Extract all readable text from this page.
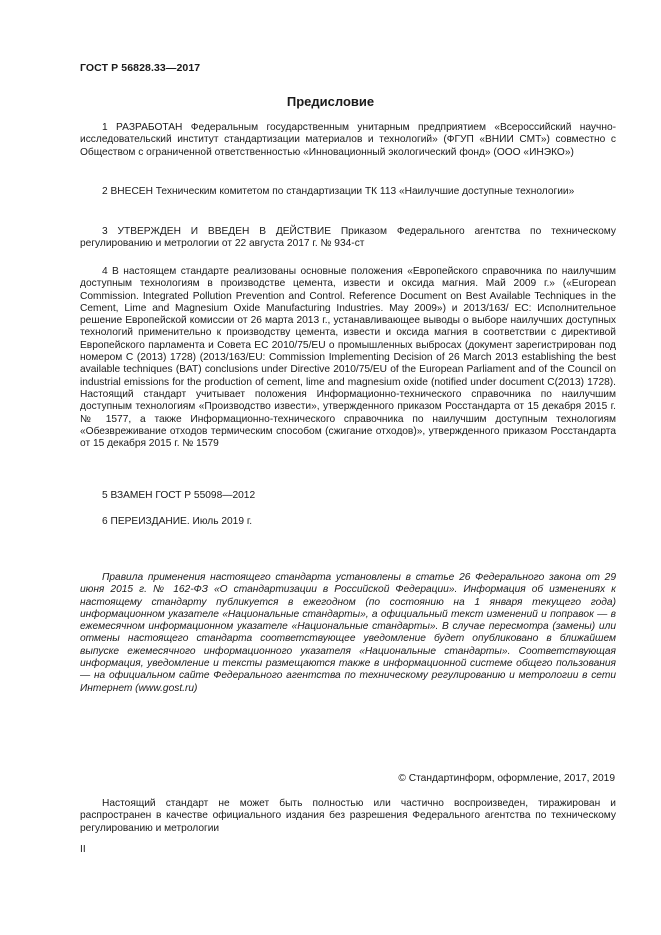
ГОСТ Р 56828.33—2017
Предисловие

1 РАЗРАБОТАН Федеральным государственным унитарным предприятием «Всероссийский научно-исследовательский институт стандартизации материалов и технологий» (ФГУП «ВНИИ СМТ») совместно с Обществом с ограниченной ответственностью «Инновационный экологический фонд» (ООО «ИНЭКО»)

2 ВНЕСЕН Техническим комитетом по стандартизации ТК 113 «Наилучшие доступные технологии»

3 УТВЕРЖДЕН И ВВЕДЕН В ДЕЙСТВИЕ Приказом Федерального агентства по техническому регулированию и метрологии от 22 августа 2017 г. № 934-ст

4 В настоящем стандарте реализованы основные положения «Европейского справочника по наилучшим доступным технологиям в производстве цемента, извести и оксида магния. Май 2009 г.» («European Commission. Integrated Pollution Prevention and Control. Reference Document on Best Available Techniques in the Cement, Lime and Magnesium Oxide Manufacturing Industries. May 2009») и 2013/163/ ЕС: Исполнительное решение Европейской комиссии от 26 марта 2013 г., устанавливающее выводы о выборе наилучших доступных технологий применительно к производству цемента, извести и оксида магния в соответствии с директивой Европейского парламента и Совета ЕС 2010/75/EU о промышленных выбросах (документ зарегистрирован под номером С (2013) 1728) (2013/163/EU: Commission Implementing Decision of 26 March 2013 establishing the best available techniques (BAT) conclusions under Directive 2010/75/EU of the European Parliament and of the Council on industrial emissions for the production of cement, lime and magnesium oxide (notified under document C(2013) 1728). Настоящий стандарт учитывает положения Информационно-технического справочника по наилучшим доступным технологиям «Производство извести», утвержденного приказом Росстандарта от 15 декабря 2015 г. № 1577, а также Информационно-технического справочника по наилучшим доступным технологиям «Обезвреживание отходов термическим способом (сжигание отходов)», утвержденного приказом Росстандарта от 15 декабря 2015 г. № 1579

5 ВЗАМЕН ГОСТ Р 55098—2012

6 ПЕРЕИЗДАНИЕ. Июль 2019 г.

Правила применения настоящего стандарта установлены в статье 26 Федерального закона от 29 июня 2015 г. № 162-ФЗ «О стандартизации в Российской Федерации». Информация об изменениях к настоящему стандарту публикуется в ежегодном (по состоянию на 1 января текущего года) информационном указателе «Национальные стандарты», а официальный текст изменений и поправок — в ежемесячном информационном указателе «Национальные стандарты». В случае пересмотра (замены) или отмены настоящего стандарта соответствующее уведомление будет опубликовано в ближайшем выпуске ежемесячного информационного указателя «Национальные стандарты». Соответствующая информация, уведомление и тексты размещаются также в информационной системе общего пользования — на официальном сайте Федерального агентства по техническому регулированию и метрологии в сети Интернет (www.gost.ru)

© Стандартинформ, оформление, 2017, 2019

Настоящий стандарт не может быть полностью или частично воспроизведен, тиражирован и распространен в качестве официального издания без разрешения Федерального агентства по техническому регулированию и метрологии

II
